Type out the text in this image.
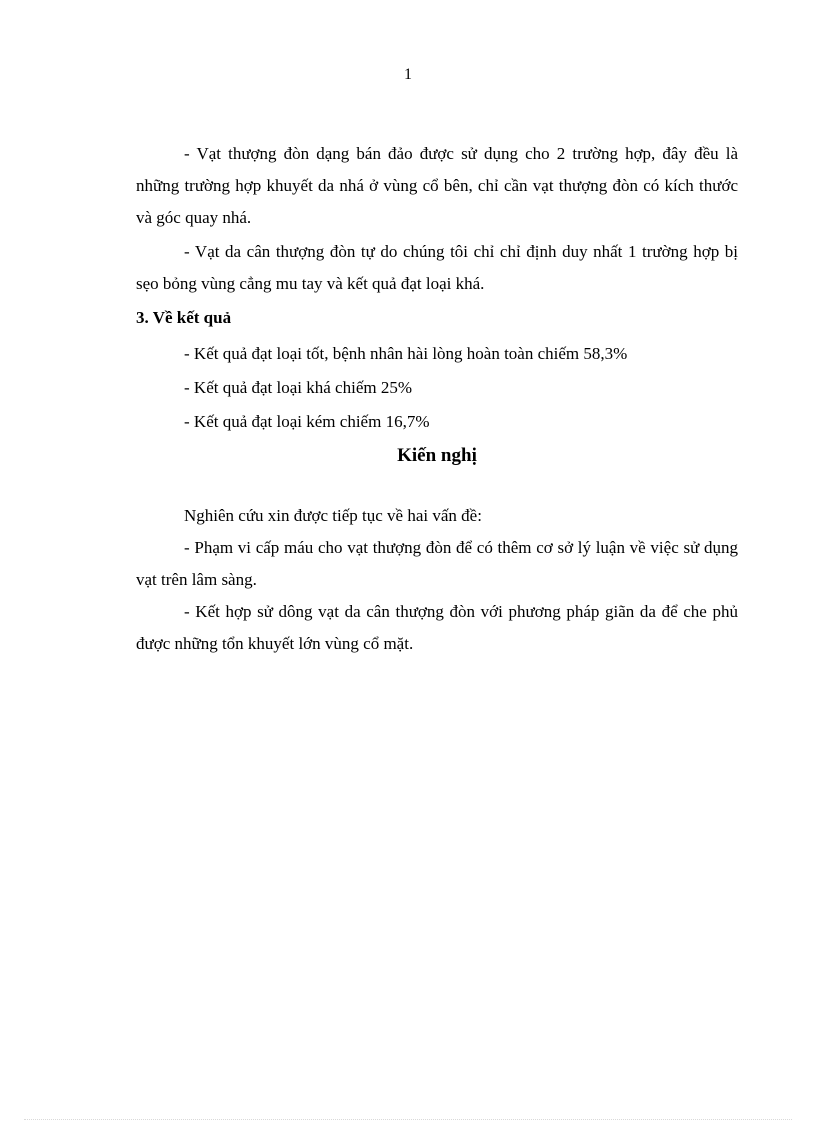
1

- Vạt thượng đòn dạng bán đảo được sử dụng cho 2 trường hợp, đây đều là những trường hợp khuyết da nhá ở vùng cổ bên, chỉ cần vạt thượng đòn có kích thước và góc quay nhá.

- Vạt da cân thượng đòn tự do chúng tôi chỉ chỉ định duy nhất 1 trường hợp bị sẹo bỏng vùng cẳng mu tay và kết quả đạt loại khá.

3. Về kết quả

- Kết quả đạt loại tốt, bệnh nhân hài lòng hoàn toàn chiếm 58,3%

- Kết quả đạt loại khá chiếm 25%

- Kết quả đạt loại kém chiếm 16,7%

Kiến nghị

Nghiên cứu xin được tiếp tục về hai vấn đề:

- Phạm vi cấp máu cho vạt thượng đòn để có thêm cơ sở lý luận về việc sử dụng vạt trên lâm sàng.

- Kết hợp sử dông vạt da cân thượng đòn với phương pháp giãn da để che phủ được những tổn khuyết lớn vùng cổ mặt.
